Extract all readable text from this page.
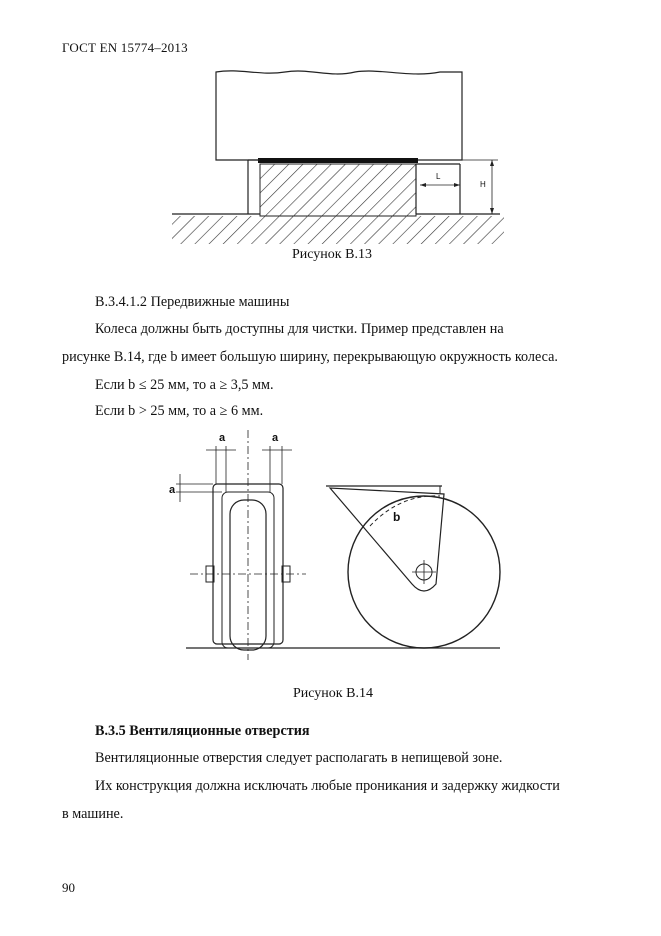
ГОСТ EN 15774–2013
L
H
Рисунок В.13
В.3.4.1.2 Передвижные машины
Колеса должны быть доступны для чистки. Пример представлен на
рисунке В.14, где b имеет большую ширину, перекрывающую окружность колеса.
Если b ≤ 25 мм, то a ≥ 3,5 мм.
Если b > 25 мм, то a ≥ 6 мм.
a	a
a
b
Рисунок В.14
В.3.5 Вентиляционные отверстия
Вентиляционные отверстия следует располагать в непищевой зоне.
Их конструкция должна исключать любые проникания и задержку жидкости
в машине.
90
